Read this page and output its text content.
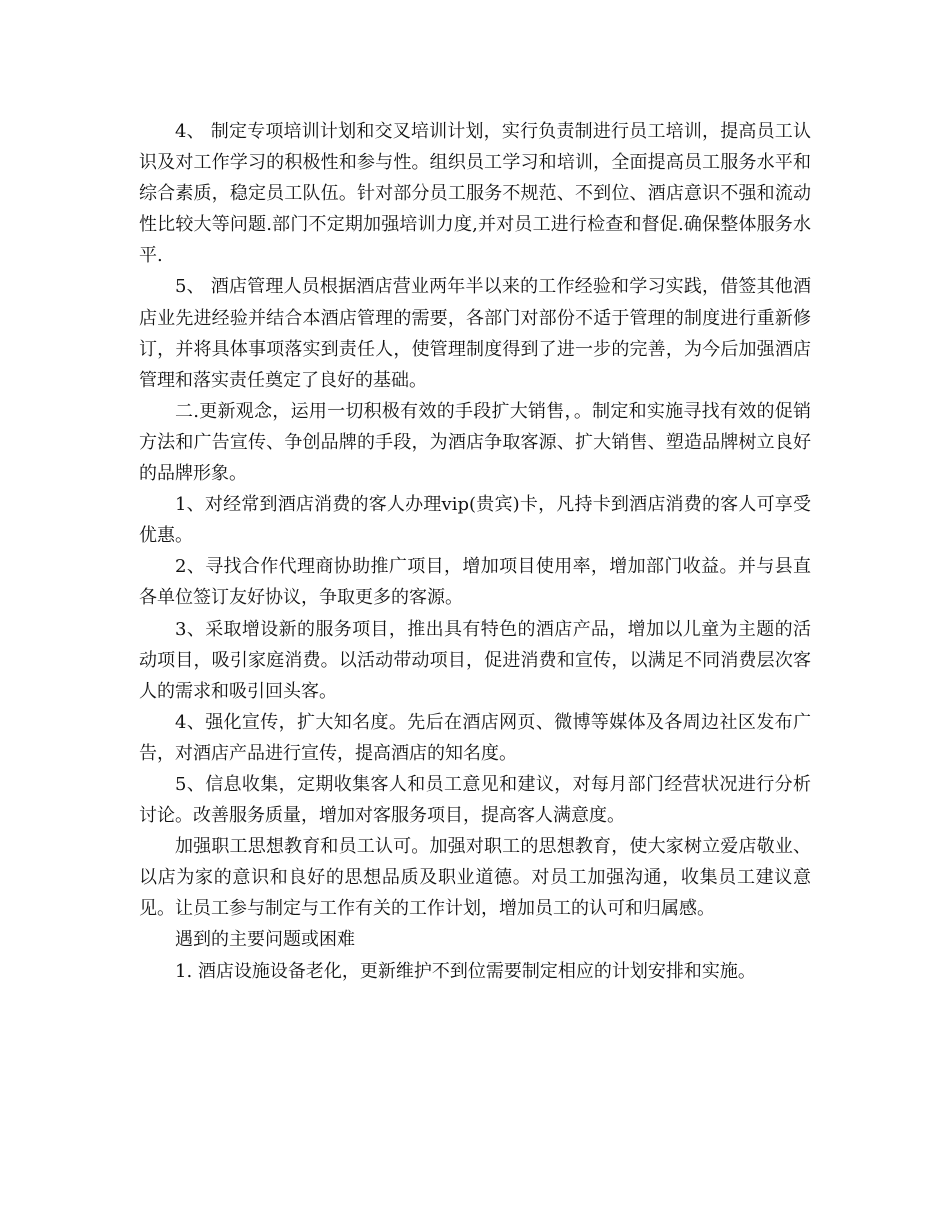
4、 制定专项培训计划和交叉培训计划，实行负责制进行员工培训，提高员工认识及对工作学习的积极性和参与性。组织员工学习和培训，全面提高员工服务水平和综合素质，稳定员工队伍。针对部分员工服务不规范、不到位、酒店意识不强和流动性比较大等问题.部门不定期加强培训力度,并对员工进行检查和督促.确保整体服务水平.

5、 酒店管理人员根据酒店营业两年半以来的工作经验和学习实践，借签其他酒店业先进经验并结合本酒店管理的需要，各部门对部份不适于管理的制度进行重新修订，并将具体事项落实到责任人，使管理制度得到了进一步的完善，为今后加强酒店管理和落实责任奠定了良好的基础。

二.更新观念，运用一切积极有效的手段扩大销售，。制定和实施寻找有效的促销方法和广告宣传、争创品牌的手段，为酒店争取客源、扩大销售、塑造品牌树立良好的品牌形象。

1、对经常到酒店消费的客人办理vip(贵宾)卡，凡持卡到酒店消费的客人可享受优惠。

2、寻找合作代理商协助推广项目，增加项目使用率，增加部门收益。并与县直各单位签订友好协议，争取更多的客源。

3、采取增设新的服务项目，推出具有特色的酒店产品，增加以儿童为主题的活动项目，吸引家庭消费。以活动带动项目，促进消费和宣传，以满足不同消费层次客人的需求和吸引回头客。

4、强化宣传，扩大知名度。先后在酒店网页、微博等媒体及各周边社区发布广告，对酒店产品进行宣传，提高酒店的知名度。

5、信息收集，定期收集客人和员工意见和建议，对每月部门经营状况进行分析讨论。改善服务质量，增加对客服务项目，提高客人满意度。

加强职工思想教育和员工认可。加强对职工的思想教育，使大家树立爱店敬业、以店为家的意识和良好的思想品质及职业道德。对员工加强沟通，收集员工建议意见。让员工参与制定与工作有关的工作计划，增加员工的认可和归属感。

遇到的主要问题或困难

1. 酒店设施设备老化，更新维护不到位需要制定相应的计划安排和实施。
